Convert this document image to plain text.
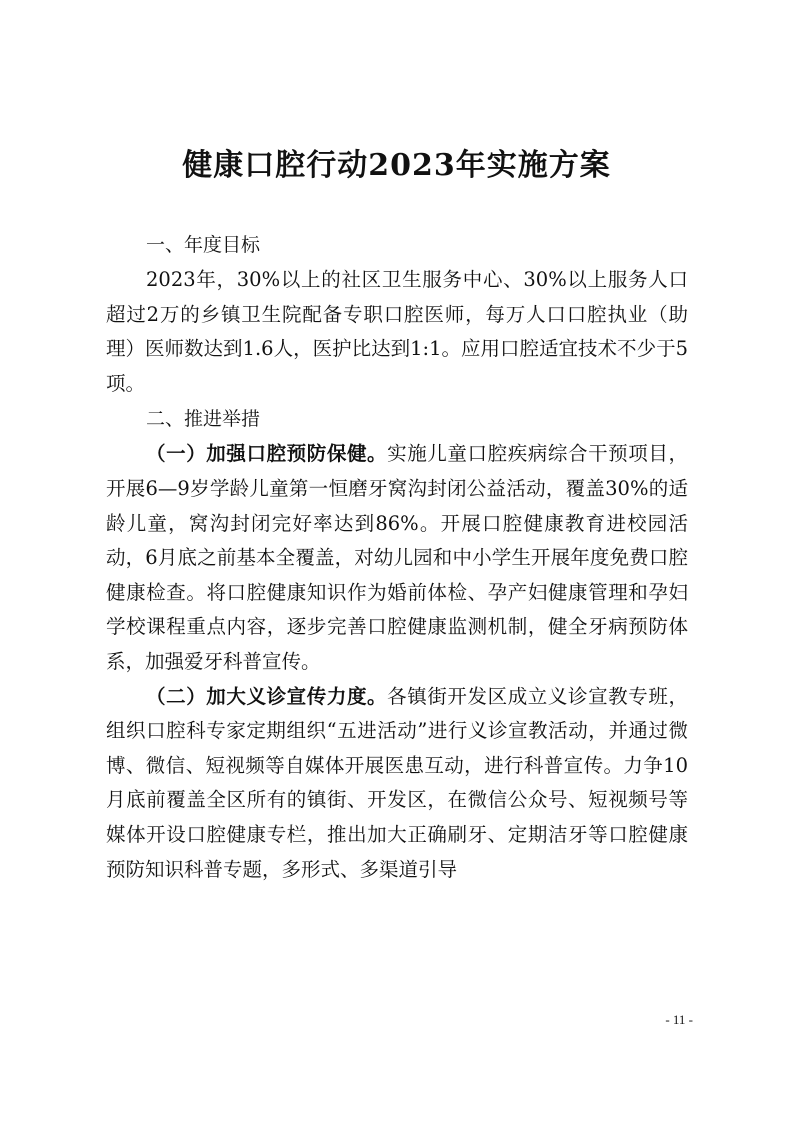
健康口腔行动2023年实施方案
一、年度目标
2023年，30%以上的社区卫生服务中心、30%以上服务人口超过2万的乡镇卫生院配备专职口腔医师，每万人口口腔执业（助理）医师数达到1.6人，医护比达到1:1。应用口腔适宜技术不少于5项。
二、推进举措
（一）加强口腔预防保健。实施儿童口腔疾病综合干预项目，开展6—9岁学龄儿童第一恒磨牙窝沟封闭公益活动，覆盖30%的适龄儿童，窝沟封闭完好率达到86%。开展口腔健康教育进校园活动，6月底之前基本全覆盖，对幼儿园和中小学生开展年度免费口腔健康检查。将口腔健康知识作为婚前体检、孕产妇健康管理和孕妇学校课程重点内容，逐步完善口腔健康监测机制，健全牙病预防体系，加强爱牙科普宣传。
（二）加大义诊宣传力度。各镇街开发区成立义诊宣教专班，组织口腔科专家定期组织“五进活动”进行义诊宣教活动，并通过微博、微信、短视频等自媒体开展医患互动，进行科普宣传。力争10月底前覆盖全区所有的镇街、开发区，在微信公众号、短视频号等媒体开设口腔健康专栏，推出加大正确刷牙、定期洁牙等口腔健康预防知识科普专题，多形式、多渠道引导
- 11 -
